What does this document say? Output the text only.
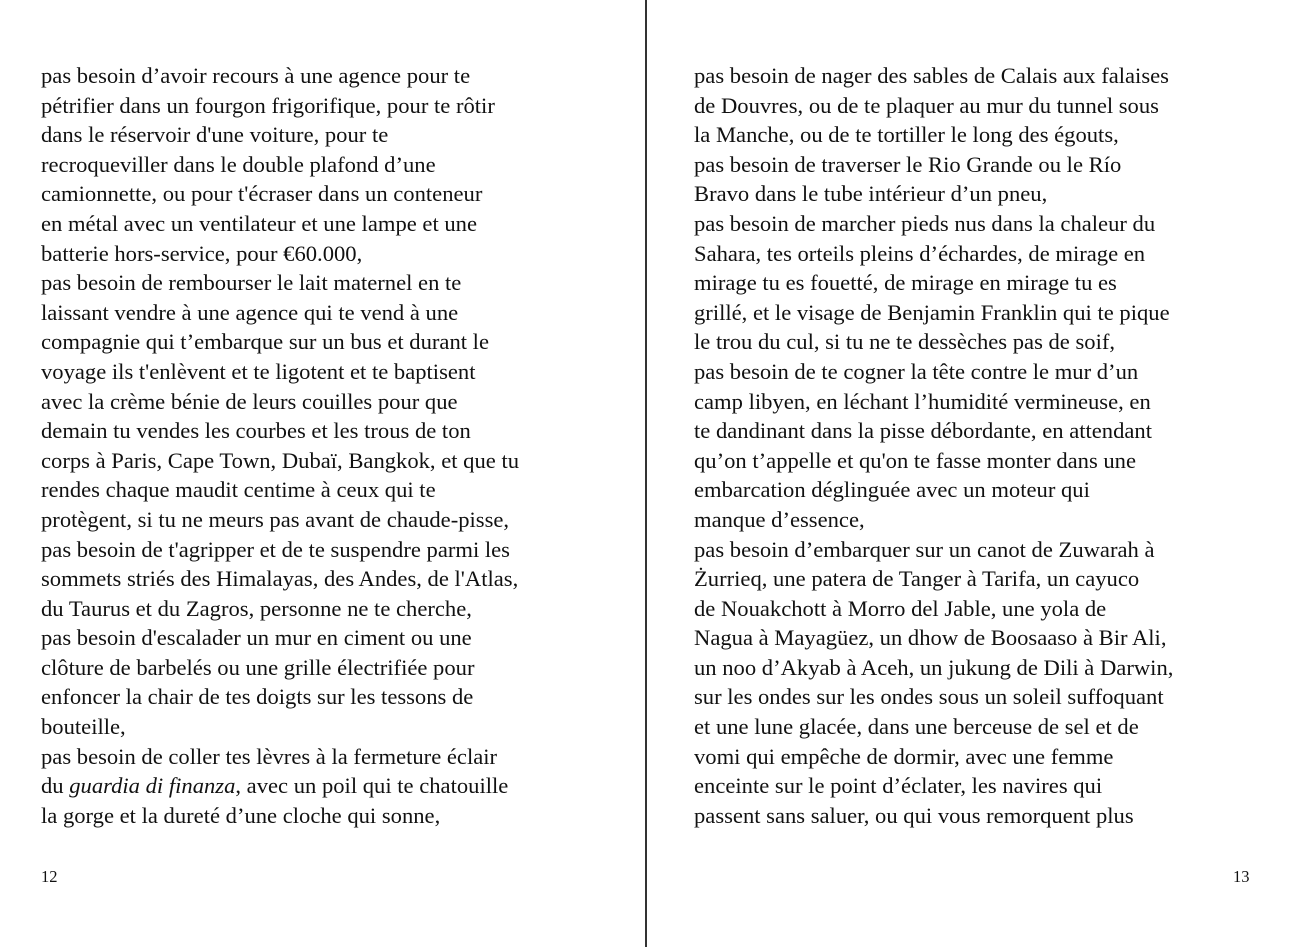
pas besoin d’avoir recours à une agence pour te
pétrifier dans un fourgon frigorifique, pour te rôtir
dans le réservoir d'une voiture, pour te
recroqueviller dans le double plafond d’une
camionnette, ou pour t'écraser dans un conteneur
en métal avec un ventilateur et une lampe et une
batterie hors-service, pour €60.000,
pas besoin de rembourser le lait maternel en te
laissant vendre à une agence qui te vend à une
compagnie qui t’embarque sur un bus et durant le
voyage ils t'enlèvent et te ligotent et te baptisent
avec la crème bénie de leurs couilles pour que
demain tu vendes les courbes et les trous de ton
corps à Paris, Cape Town, Dubaï, Bangkok, et que tu
rendes chaque maudit centime à ceux qui te
protègent, si tu ne meurs pas avant de chaude-pisse,
pas besoin de t'agripper et de te suspendre parmi les
sommets striés des Himalayas, des Andes, de l'Atlas,
du Taurus et du Zagros, personne ne te cherche,
pas besoin d'escalader un mur en ciment ou une
clôture de barbelés ou une grille électrifiée pour
enfoncer la chair de tes doigts sur les tessons de
bouteille,
pas besoin de coller tes lèvres à la fermeture éclair
du guardia di finanza, avec un poil qui te chatouille
la gorge et la dureté d’une cloche qui sonne,
12
pas besoin de nager des sables de Calais aux falaises
de Douvres, ou de te plaquer au mur du tunnel sous
la Manche, ou de te tortiller le long des égouts,
pas besoin de traverser le Rio Grande ou le Río
Bravo dans le tube intérieur d’un pneu,
pas besoin de marcher pieds nus dans la chaleur du
Sahara, tes orteils pleins d’échardes, de mirage en
mirage tu es fouetté, de mirage en mirage tu es
grillé, et le visage de Benjamin Franklin qui te pique
le trou du cul, si tu ne te dessèches pas de soif,
pas besoin de te cogner la tête contre le mur d’un
camp libyen, en léchant l’humidité vermineuse, en
te dandinant dans la pisse débordante, en attendant
qu’on t’appelle et qu'on te fasse monter dans une
embarcation déglinguée avec un moteur qui
manque d’essence,
pas besoin d’embarquer sur un canot de Zuwarah à
Żurrieq, une patera de Tanger à Tarifa, un cayuco
de Nouakchott à Morro del Jable, une yola de
Nagua à Mayagüez, un dhow de Boosaaso à Bir Ali,
un noo d’Akyab à Aceh, un jukung de Dili à Darwin,
sur les ondes sur les ondes sous un soleil suffoquant
et une lune glacée, dans une berceuse de sel et de
vomi qui empêche de dormir, avec une femme
enceinte sur le point d’éclater, les navires qui
passent sans saluer, ou qui vous remorquent plus
13
